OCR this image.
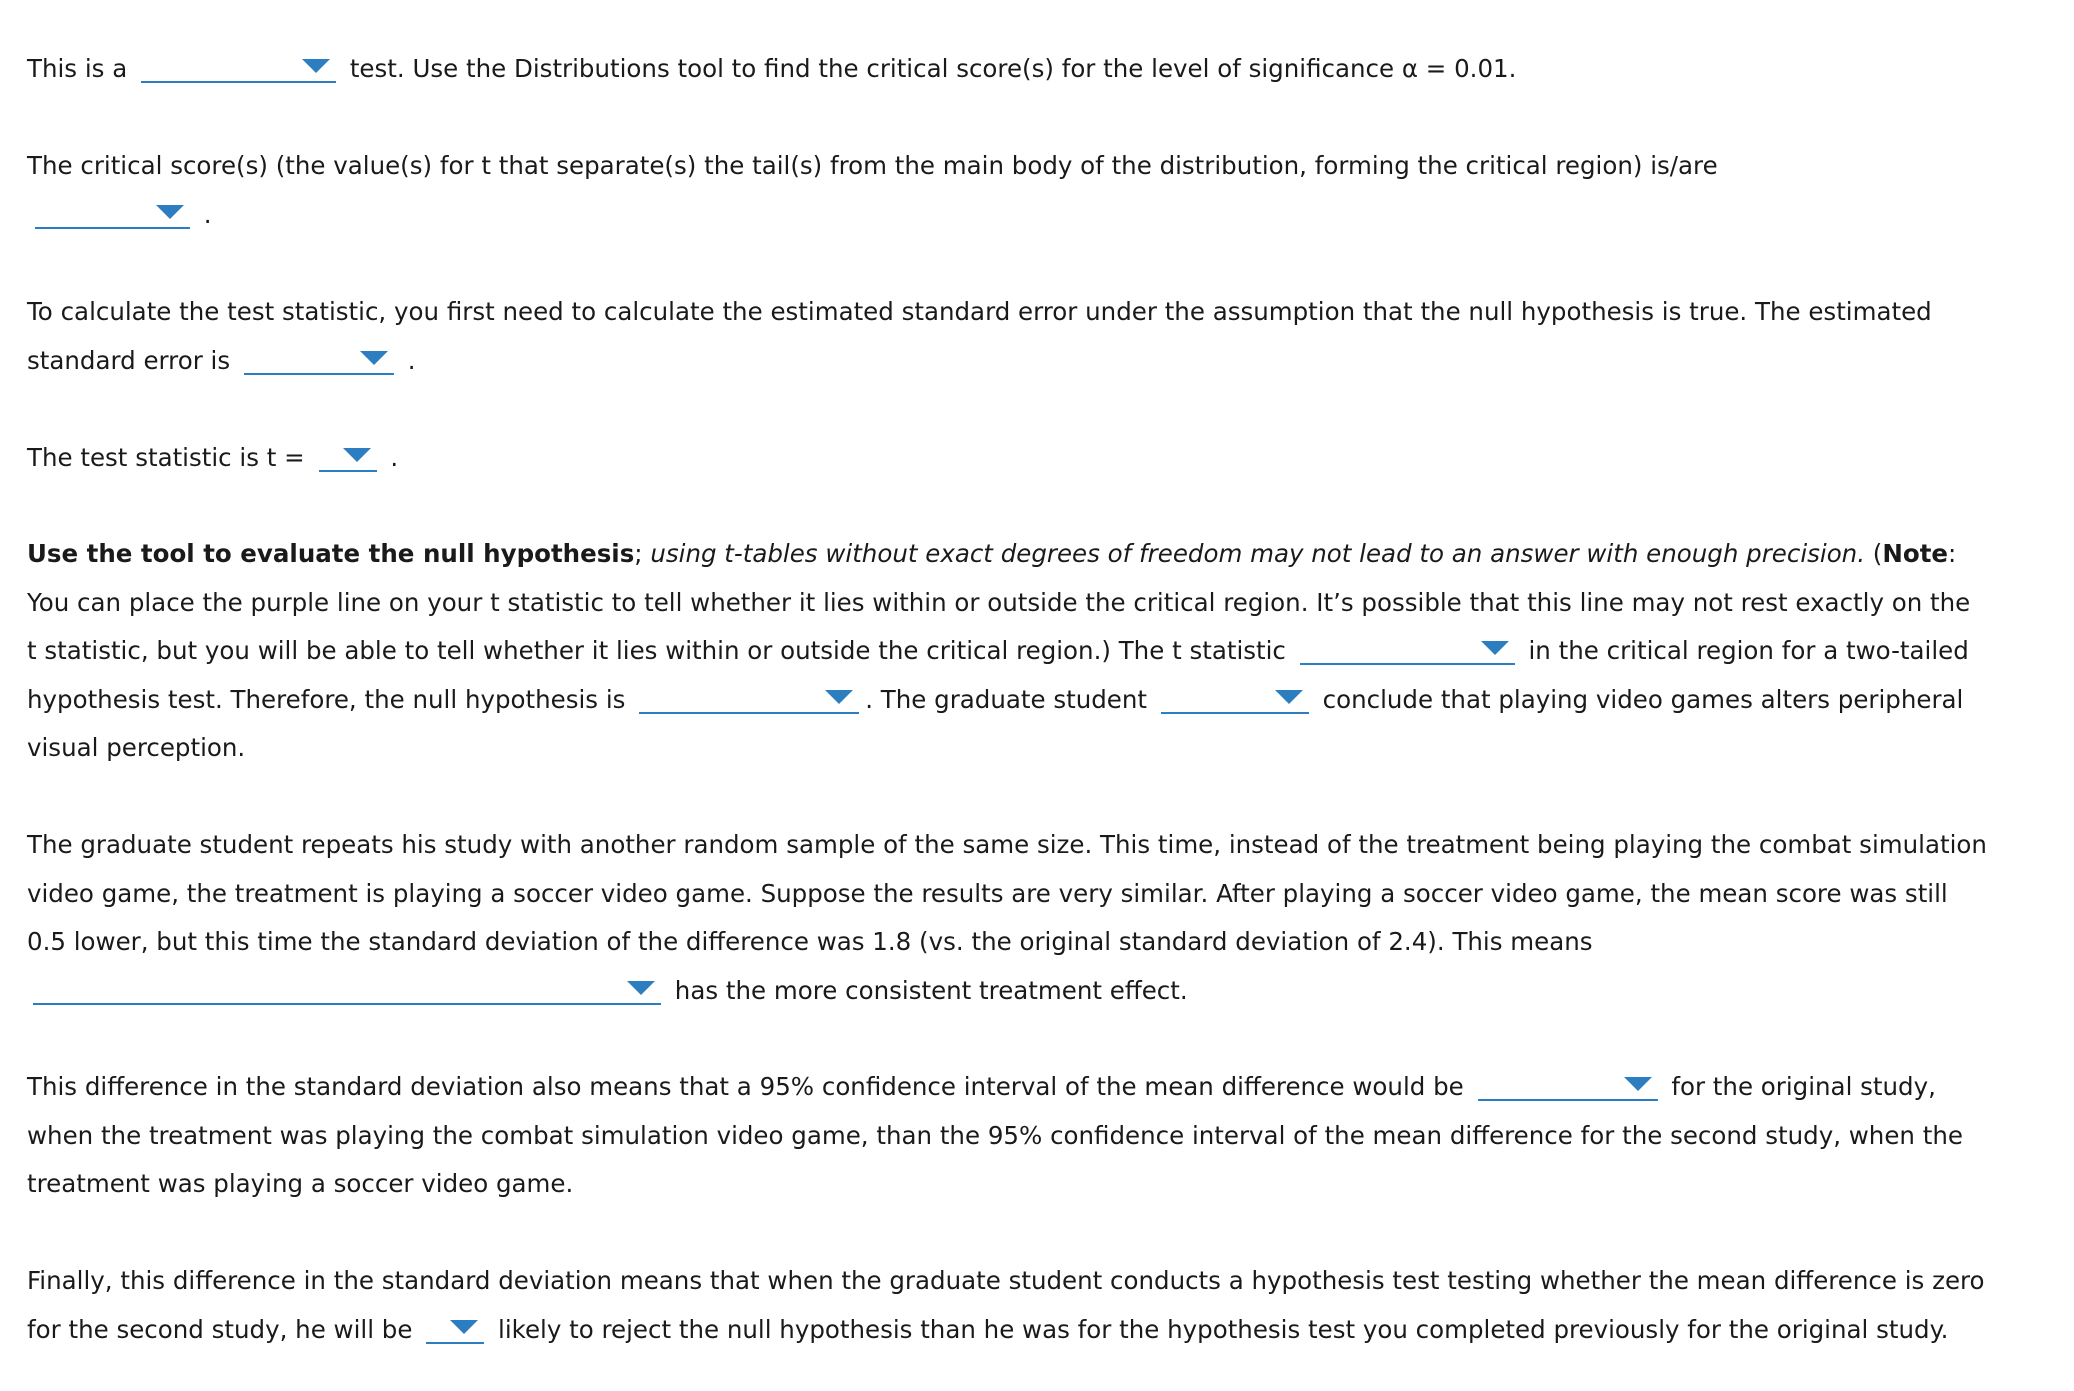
This is a	test. Use the Distributions tool to find the critical score(s) for the level of significance α = 0.01.

The critical score(s) (the value(s) for t that separate(s) the tail(s) from the main body of the distribution, forming the critical region) is/are

.

To calculate the test statistic, you first need to calculate the estimated standard error under the assumption that the null hypothesis is true. The estimated standard error is	.

The test statistic is t =	.

Use the tool to evaluate the null hypothesis; using t-tables without exact degrees of freedom may not lead to an answer with enough precision. (Note: You can place the purple line on your t statistic to tell whether it lies within or outside the critical region. It’s possible that this line may not rest exactly on the t statistic, but you will be able to tell whether it lies within or outside the critical region.) The t statistic	in the critical region for a two-tailed hypothesis test. Therefore, the null hypothesis is	. The graduate student	conclude that playing video games alters peripheral visual perception.

The graduate student repeats his study with another random sample of the same size. This time, instead of the treatment being playing the combat simulation video game, the treatment is playing a soccer video game. Suppose the results are very similar. After playing a soccer video game, the mean score was still 0.5 lower, but this time the standard deviation of the difference was 1.8 (vs. the original standard deviation of 2.4). This means
has the more consistent treatment effect.

This difference in the standard deviation also means that a 95% confidence interval of the mean difference would be	for the original study, when the treatment was playing the combat simulation video game, than the 95% confidence interval of the mean difference for the second study, when the treatment was playing a soccer video game.

Finally, this difference in the standard deviation means that when the graduate student conducts a hypothesis test testing whether the mean difference is zero for the second study, he will be	likely to reject the null hypothesis than he was for the hypothesis test you completed previously for the original study.
